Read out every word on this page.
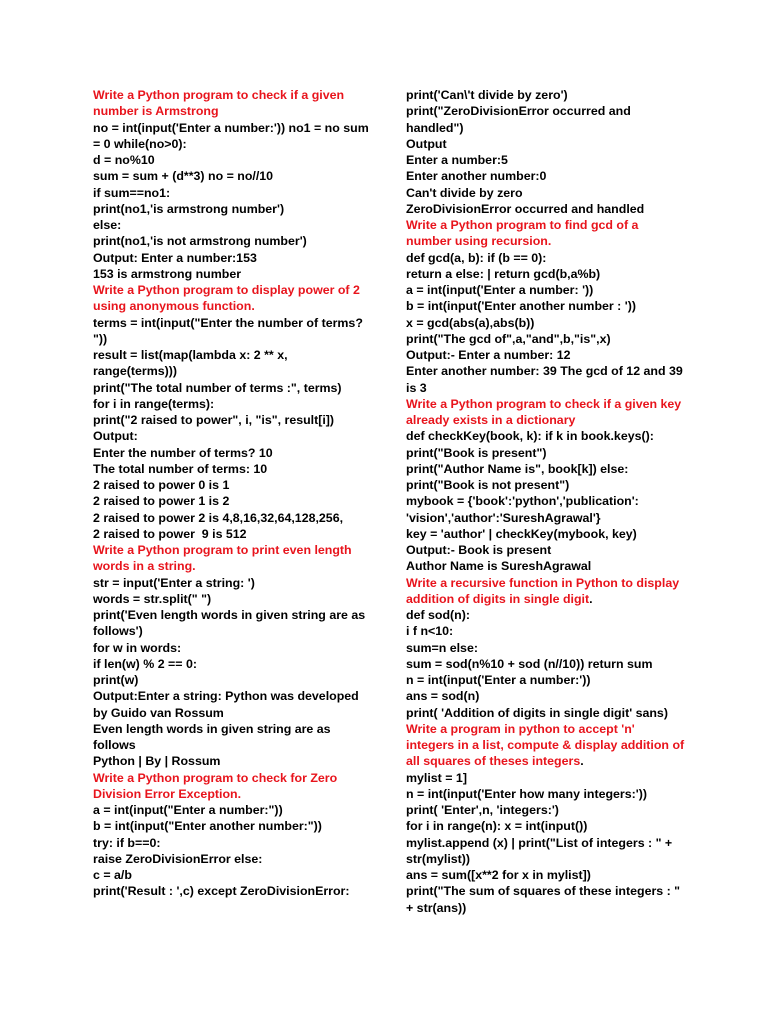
Write a Python program to check if a given number is Armstrong
no = int(input('Enter a number:')) no1 = no sum = 0 while(no>0):
d = no%10
sum = sum + (d**3) no = no//10
if sum==no1:
print(no1,'is armstrong number')
else:
print(no1,'is not armstrong number')
Output: Enter a number:153
153 is armstrong number
Write a Python program to display power of 2 using anonymous function.
terms = int(input("Enter the number of terms? "))
result = list(map(lambda x: 2 ** x, range(terms)))
print("The total number of terms :", terms)
for i in range(terms):
print("2 raised to power", i, "is", result[i])
Output:
Enter the number of terms? 10
The total number of terms: 10
2 raised to power 0 is 1
2 raised to power 1 is 2
2 raised to power 2 is 4,8,16,32,64,128,256,
2 raised to power  9 is 512
Write a Python program to print even length words in a string.
str = input('Enter a string: ')
words = str.split(" ")
print('Even length words in given string are as follows')
for w in words:
if len(w) % 2 == 0:
print(w)
Output:Enter a string: Python was developed by Guido van Rossum
Even length words in given string are as follows
Python | By | Rossum
Write a Python program to check for Zero Division Error Exception.
a = int(input("Enter a number:"))
b = int(input("Enter another number:"))
try: if b==0:
raise ZeroDivisionError else:
c = a/b
print('Result : ',c) except ZeroDivisionError:
print('Can\'t divide by zero')
print("ZeroDivisionError occurred and handled")
Output
Enter a number:5
Enter another number:0
Can't divide by zero
ZeroDivisionError occurred and handled
Write a Python program to find gcd of a number using recursion.
def gcd(a, b): if (b == 0):
return a else: | return gcd(b,a%b)
a = int(input('Enter a number: '))
b = int(input('Enter another number : '))
x = gcd(abs(a),abs(b))
print("The gcd of",a,"and",b,"is",x)
Output:- Enter a number: 12
Enter another number: 39 The gcd of 12 and 39 is 3
Write a Python program to check if a given key already exists in a dictionary
def checkKey(book, k): if k in book.keys():
print("Book is present")
print("Author Name is", book[k]) else:
print("Book is not present")
mybook = {'book':'python','publication': 'vision','author':'SureshAgrawal'}
key = 'author' | checkKey(mybook, key)
Output:- Book is present
Author Name is SureshAgrawal
Write a recursive function in Python to display addition of digits in single digit.
def sod(n):
i f n<10:
sum=n else:
sum = sod(n%10 + sod (n//10)) return sum
n = int(input('Enter a number:'))
ans = sod(n)
print( 'Addition of digits in single digit' sans)
Write a program in python to accept 'n' integers in a list, compute & display addition of all squares of theses integers.
mylist = 1]
n = int(input('Enter how many integers:'))
print( 'Enter',n, 'integers:')
for i in range(n): x = int(input())
mylist.append (x) | print("List of integers : " + str(mylist))
ans = sum([x**2 for x in mylist])
print("The sum of squares of these integers : " + str(ans))
